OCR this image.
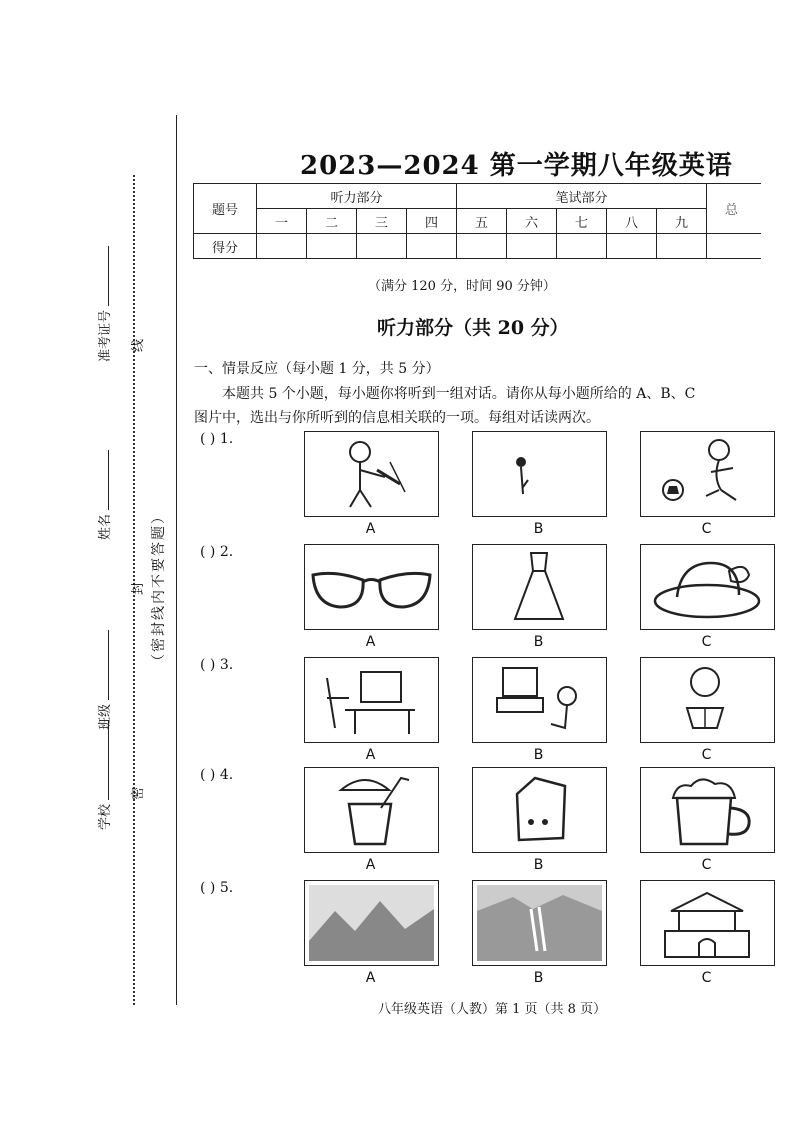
准考证号
姓名
班级
学校
线
封
密
（密封线内不要答题）
2023—2024 第一学期八年级英语
题号	听力部分				笔试部分					总
	一	二	三	四	五	六	七	八	九	
得分										
（满分 120 分，时间 90 分钟）
听力部分（共 20 分）
一、情景反应（每小题 1 分，共 5 分）
本题共 5 个小题，每小题你将听到一组对话。请你从每小题所给的 A、B、C
图片中，选出与你所听到的信息相关联的一项。每组对话读两次。
( ) 1.
A	B	C
( ) 2.
A	B	C
( ) 3.
A	B	C
( ) 4.
A	B	C
( ) 5.
A	B	C
八年级英语（人教）第 1 页（共 8 页）
